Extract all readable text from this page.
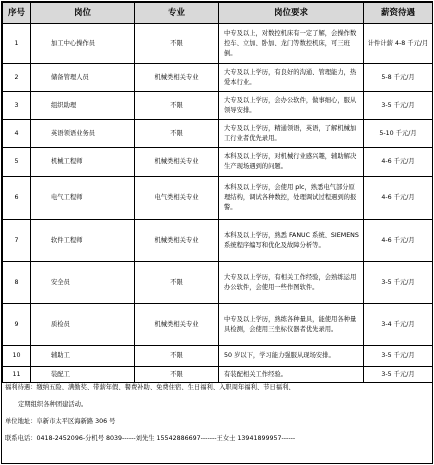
序号	岗位	专业	岗位要求	薪资待遇
1	加工中心操作员	不限	中专及以上，对数控机床有一定了解，会操作数控车、立加、卧加、龙门等数控机床，可三班倒。	计件计薪 4-8 千元/月
2	储备管理人员	机械类相关专业	大专及以上学历，有良好的沟通、管理能力，热爱本行业。	5-8 千元/月
3	组织助理	不限	大专及以上学历，会办公软件，做事细心，服从领导安排。	3-5 千元/月
4	英语领语业务员	不限	大专及以上学历，精通领语，英语，了解机械加工行业者优先录用。	5-10 千元/月
5	机械工程师	机械类相关专业	本科及以上学历，对机械行业感兴趣，辅助解决生产现场遇到的问题。	4-6 千元/月
6	电气工程师	电气类相关专业	本科及以上学历，会使用 plc，熟悉电气部分原理结构，调试各种数控，处理调试过程遇到的报警。	4-6 千元/月
7	软件工程师	机械类相关专业	本科及以上学历，熟悉 FANUC 系统、SIEMENS 系统程序编写和优化及故障分析等。	4-6 千元/月
8	安全员	不限	大专及以上学历，有相关工作经验，会熟练运用办公软件，会使用一些作图软件。	3-5 千元/月
9	质检员	机械类相关专业	中专及以上学历，熟练各种量具，能使用各种量具检测，会使用三坐标仪器者优先录用。	3-4 千元/月
10	辅助工	不限	50 岁以下，学习能力强服从现场安排。	3-5 千元/月
11	装配工	不限	有装配相关工作经验。	3-5 千元/月
福利待遇：缴纳五险、满勤奖、带薪年假、餐费补助、免费住宿、生日福利、入职周年福利、节日福利、
定期组织各种团建活动。
单位地址：阜新市太平区海新路 306 号
联系电话：0418-2452096-分机号 8039------刘先生 15542886697-------王女士 13941899957------
